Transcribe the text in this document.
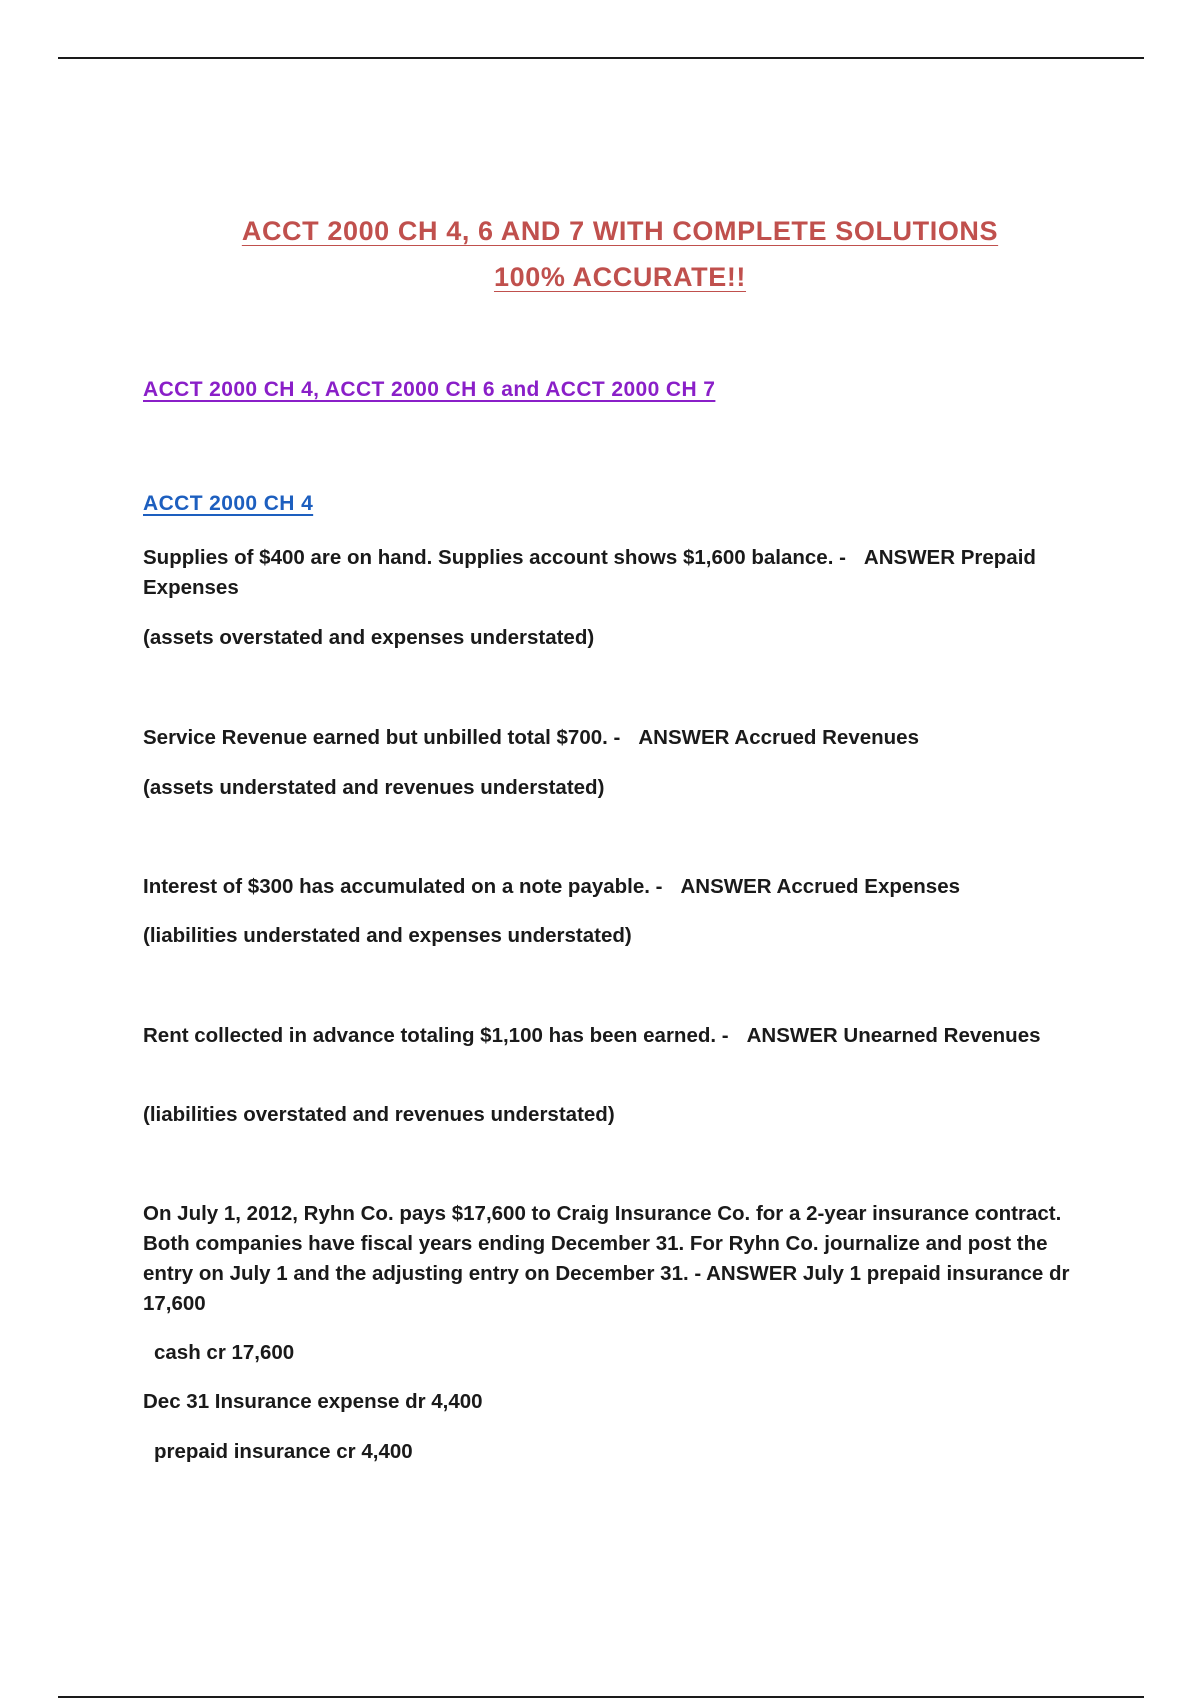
ACCT 2000 CH 4, 6 AND 7 WITH COMPLETE SOLUTIONS
100% ACCURATE!!
ACCT 2000 CH 4, ACCT 2000 CH 6 and ACCT 2000 CH 7
ACCT 2000 CH 4
Supplies of $400 are on hand. Supplies account shows $1,600 balance. - ANSWER Prepaid Expenses
(assets overstated and expenses understated)
Service Revenue earned but unbilled total $700. - ANSWER Accrued Revenues
(assets understated and revenues understated)
Interest of $300 has accumulated on a note payable. - ANSWER Accrued Expenses
(liabilities understated and expenses understated)
Rent collected in advance totaling $1,100 has been earned. - ANSWER Unearned Revenues
(liabilities overstated and revenues understated)
On July 1, 2012, Ryhn Co. pays $17,600 to Craig Insurance Co. for a 2-year insurance contract. Both companies have fiscal years ending December 31. For Ryhn Co. journalize and post the entry on July 1 and the adjusting entry on December 31. - ANSWER July 1 prepaid insurance dr 17,600
cash cr 17,600
Dec 31 Insurance expense dr 4,400
prepaid insurance cr 4,400
